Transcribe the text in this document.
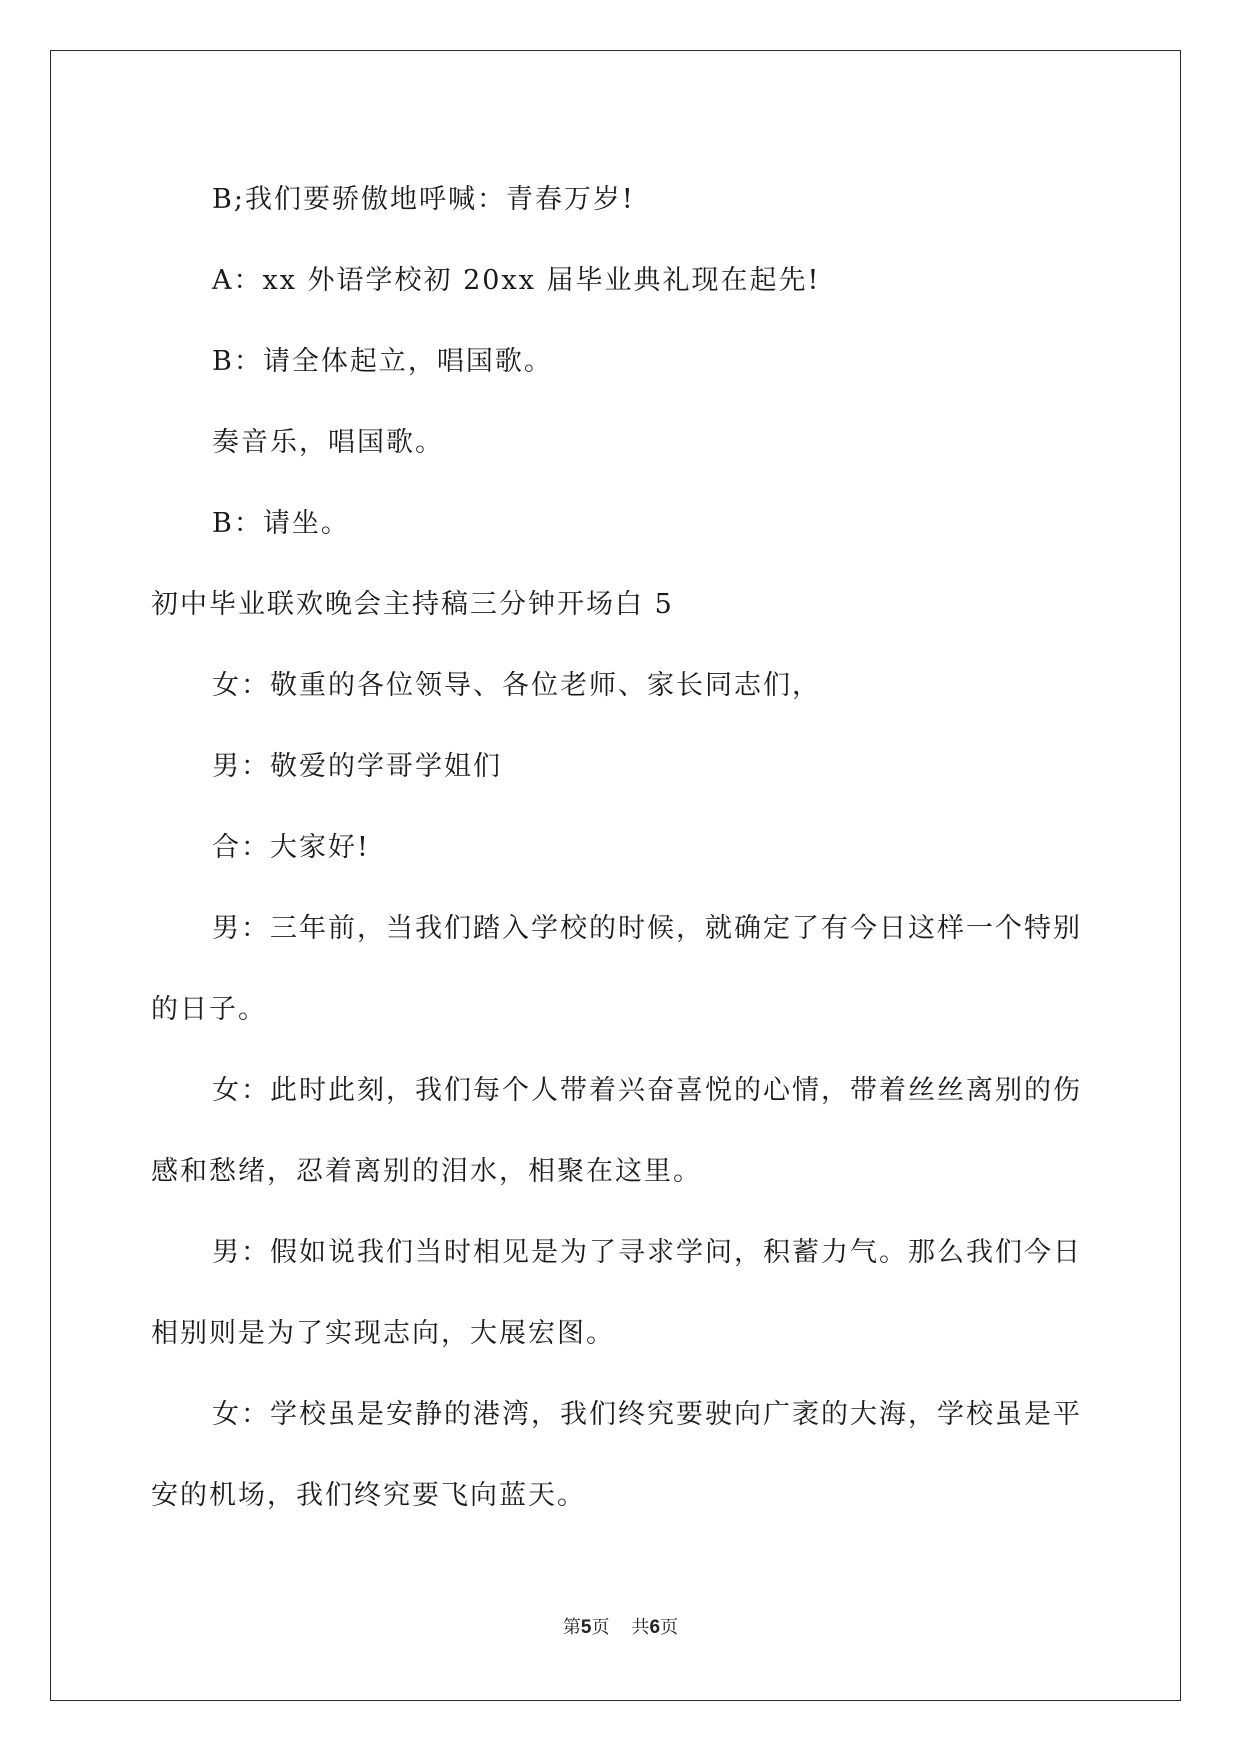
B;我们要骄傲地呼喊：青春万岁!

A：xx 外语学校初 20xx 届毕业典礼现在起先!

B：请全体起立，唱国歌。

奏音乐，唱国歌。

B：请坐。

初中毕业联欢晚会主持稿三分钟开场白 5

女：敬重的各位领导、各位老师、家长同志们，

男：敬爱的学哥学姐们

合：大家好!

男：三年前，当我们踏入学校的时候，就确定了有今日这样一个特别的日子。

女：此时此刻，我们每个人带着兴奋喜悦的心情，带着丝丝离别的伤感和愁绪，忍着离别的泪水，相聚在这里。

男：假如说我们当时相见是为了寻求学问，积蓄力气。那么我们今日相别则是为了实现志向，大展宏图。

女：学校虽是安静的港湾，我们终究要驶向广袤的大海，学校虽是平安的机场，我们终究要飞向蓝天。

第5页 共6页
